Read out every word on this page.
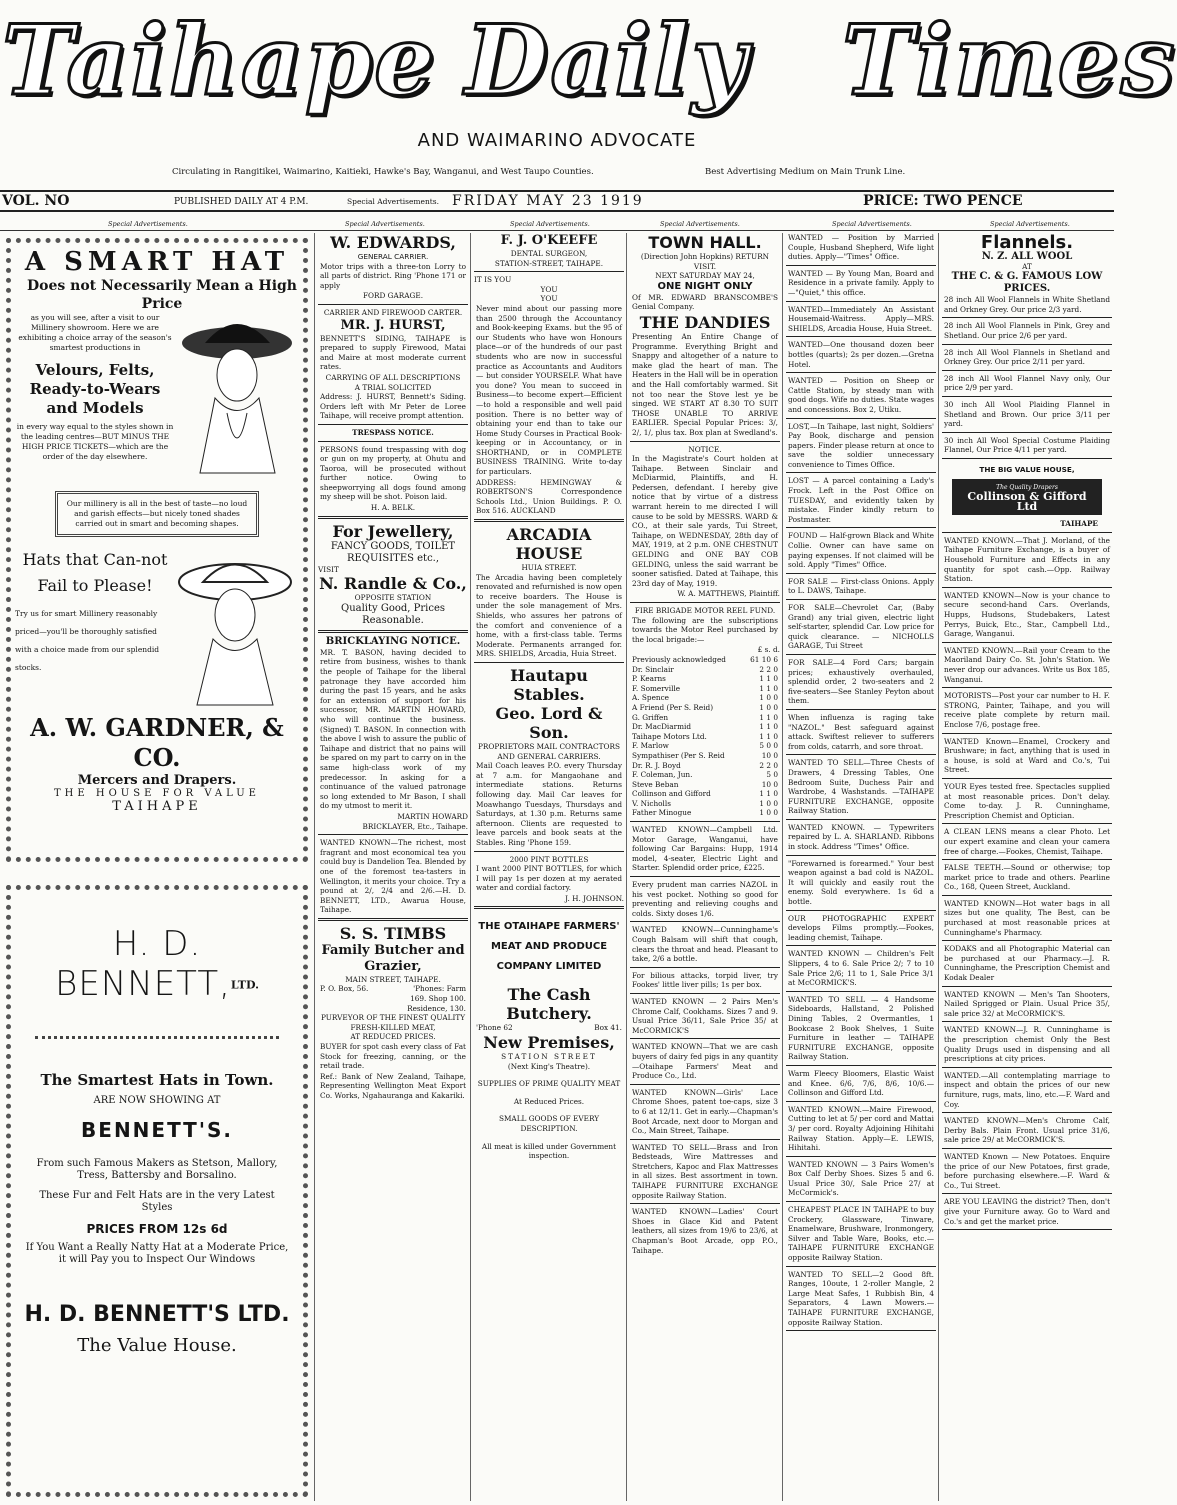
Taihape Daily Times
AND WAIMARINO ADVOCATE
Circulating in Rangitikei, Waimarino, Kaitieki, Hawke's Bay, Wanganui, and West Taupo Counties.	Best Advertising Medium on Main Trunk Line.
VOL. NO	PUBLISHED DAILY AT 4 P.M.	Special Advertisements. FRIDAY MAY 23 1919	PRICE: TWO PENCE
Special Advertisements.	Special Advertisements.	Special Advertisements.	Special Advertisements.	Special Advertisements.	Special Advertisements.
A SMART HAT
Does not Necessarily Mean a High Price
as you will see, after a visit to our Millinery showroom. Here we are exhibiting a choice array of the season's smartest productions in
Velours, Felts, Ready-to-Wears and Models
in every way equal to the styles shown in the leading centres—BUT MINUS THE HIGH PRICE TICKETS—which are the order of the day elsewhere.
Our millinery is all in the best of taste—no loud and garish effects—but nicely toned shades carried out in smart and becoming shapes.
Hats that Can-not Fail to Please!
Try us for smart Millinery reasonably priced—you'll be thoroughly satisfied with a choice made from our splendid stocks.
A. W. GARDNER, & CO.
Mercers and Drapers.
THE HOUSE FOR VALUE
TAIHAPE
H. D. BENNETT,$^{LTD.}$
The Smartest Hats in Town.
ARE NOW SHOWING AT
BENNETT'S.
From such Famous Makers as Stetson, Mallory, Tress, Battersby and Borsalino.
These Fur and Felt Hats are in the very Latest Styles
PRICES FROM 12s 6d
If You Want a Really Natty Hat at a Moderate Price, it will Pay you to Inspect Our Windows
H. D. BENNETT'S LTD.
The Value House.
W. EDWARDS,
GENERAL CARRIER.

Motor trips with a three-ton Lorry to all parts of district. Ring 'Phone 171 or apply

FORD GARAGE.
CARRIER AND FIREWOOD CARTER.
MR. J. HURST,

BENNETT'S SIDING, TAIHAPE is prepared to supply Firewood, Matai and Maire at most moderate current rates.

CARRYING OF ALL DESCRIPTIONS
A TRIAL SOLICITED

Address: J. HURST, Bennett's Siding. Orders left with Mr Peter de Loree Taihape, will receive prompt attention.

TRESPASS NOTICE.

PERSONS found trespassing with dog or gun on my property, at Ohutu and Taoroa, will be prosecuted without further notice. Owing to sheepworrying all dogs found among my sheep will be shot. Poison laid.

H. A. BELK.
For Jewellery,
FANCY GOODS, TOILET REQUISITES etc.,
VISIT
N. Randle & Co.,
OPPOSITE STATION
Quality Good, Prices Reasonable.
BRICKLAYING NOTICE.

MR. T. BASON, having decided to retire from business, wishes to thank the people of Taihape for the liberal patronage they have accorded him during the past 15 years, and he asks for an extension of support for his successor, MR. MARTIN HOWARD, who will continue the business. (Signed) T. BASON. In connection with the above I wish to assure the public of Taihape and district that no pains will be spared on my part to carry on in the same high-class work of my predecessor. In asking for a continuance of the valued patronage so long extended to Mr Bason, I shall do my utmost to merit it.

MARTIN HOWARD
BRICKLAYER, Etc., Taihape.

WANTED KNOWN—The richest, most fragrant and most economical tea you could buy is Dandelion Tea. Blended by one of the foremost tea-tasters in Wellington, it merits your choice. Try a pound at 2/, 2/4 and 2/6.—H. D. BENNETT, LTD., Awarua House, Taihape.

S. S. TIMBS
Family Butcher and Grazier,
MAIN STREET, TAIHAPE.
P. O. Box, 56.	'Phones: Farm 169. Shop 100. Residence, 130.
PURVEYOR OF THE FINEST QUALITY FRESH-KILLED MEAT,
AT REDUCED PRICES.

BUYER for spot cash every class of Fat Stock for freezing, canning, or the retail trade.

Ref.: Bank of New Zealand, Taihape, Representing Wellington Meat Export Co. Works, Ngahauranga and Kakariki.

F. J. O'KEEFE
DENTAL SURGEON,
STATION-STREET, TAIHAPE.
IT IS YOU
YOU
YOU

Never mind about our passing more than 2500 through the Accountancy and Book-keeping Exams. but the 95 of our Students who have won Honours place—or of the hundreds of our past students who are now in successful practice as Accountants and Auditors — but consider YOURSELF. What have you done? You mean to succeed in Business—to become expert—Efficient—to hold a responsible and well paid position. There is no better way of obtaining your end than to take our Home Study Courses in Practical Book-keeping or in Accountancy, or in SHORTHAND, or in COMPLETE BUSINESS TRAINING. Write to-day for particulars.

ADDRESS: HEMINGWAY & ROBERTSON'S Correspondence Schools Ltd., Union Buildings. P. O. Box 516. AUCKLAND

ARCADIA HOUSE
HUIA STREET.

The Arcadia having been completely renovated and refurnished is now open to receive boarders. The House is under the sole management of Mrs. Shields, who assures her patrons of the comfort and convenience of a home, with a first-class table. Terms Moderate. Permanents arranged for. MRS. SHIELDS, Arcadia, Huia Street.

Hautapu Stables.
Geo. Lord & Son.
PROPRIETORS MAIL CONTRACTORS AND GENERAL CARRIERS.

Mail Coach leaves P.O. every Thursday at 7 a.m. for Mangaohane and intermediate stations. Returns following day. Mail Car leaves for Moawhango Tuesdays, Thursdays and Saturdays, at 1.30 p.m. Returns same afternoon. Clients are requested to leave parcels and book seats at the Stables. Ring 'Phone 159.

2000 PINT BOTTLES

I want 2000 PINT BOTTLES, for which I will pay 1s per dozen at my aerated water and cordial factory.

J. H. JOHNSON.
THE OTAIHAPE FARMERS' MEAT AND PRODUCE COMPANY LIMITED
The Cash Butchery.
'Phone 62	Box 41.
New Premises,
STATION STREET
(Next King's Theatre).
SUPPLIES OF PRIME QUALITY MEAT
At Reduced Prices.
SMALL GOODS OF EVERY DESCRIPTION.
All meat is killed under Government inspection.
TOWN HALL.
(Direction John Hopkins) RETURN VISIT.
NEXT SATURDAY MAY 24,
ONE NIGHT ONLY

Of MR. EDWARD BRANSCOMBE'S Genial Company.

THE DANDIES

Presenting An Entire Change of Programme. Everything Bright and Snappy and altogether of a nature to make glad the heart of man. The Heaters in the Hall will be in operation and the Hall comfortably warmed. Sit not too near the Stove lest ye be singed. WE START AT 8.30 TO SUIT THOSE UNABLE TO ARRIVE EARLIER. Special Popular Prices: 3/, 2/, 1/, plus tax. Box plan at Swedland's.

NOTICE.

In the Magistrate's Court holden at Taihape. Between Sinclair and McDiarmid, Plaintiffs, and H. Pedersen, defendant. I hereby give notice that by virtue of a distress warrant herein to me directed I will cause to be sold by MESSRS. WARD & CO., at their sale yards, Tui Street, Taihape, on WEDNESDAY, 28th day of MAY, 1919, at 2 p.m. ONE CHESTNUT GELDING and ONE BAY COB GELDING, unless the said warrant be sooner satisfied. Dated at Taihape, this 23rd day of May, 1919.

W. A. MATTHEWS, Plaintiff.
FIRE BRIGADE MOTOR REEL FUND.

The following are the subscriptions towards the Motor Reel purchased by the local brigade:—

£ s. d.
Previously acknowledged	61 10 6
Dr. Sinclair	2 2 0
P. Kearns	1 1 0
F. Somerville	1 1 0
A. Spence	1 0 0
A Friend (Per S. Reid)	1 0 0
G. Griffen	1 1 0
Dr. MacDiarmid	1 1 0
Taihape Motors Ltd.	1 1 0
F. Marlow	5 0 0
Sympathiser (Per S. Reid	10 0
Dr. R. J. Boyd	2 2 0
F. Coleman, Jun.	5 0
Steve Beban	10 0
Collinson and Gifford	1 1 0
V. Nicholls	1 0 0
Father Minogue	1 0 0

WANTED KNOWN—Campbell Ltd. Motor Garage, Wanganui, have following Car Bargains: Hupp, 1914 model, 4-seater, Electric Light and Starter. Splendid order price, £225.

Every prudent man carries NAZOL in his vest pocket. Nothing so good for preventing and relieving coughs and colds. Sixty doses 1/6.

WANTED KNOWN—Cunninghame's Cough Balsam will shift that cough, clears the throat and head. Pleasant to take, 2/6 a bottle.

For bilious attacks, torpid liver, try Fookes' little liver pills; 1s per box.

WANTED KNOWN — 2 Pairs Men's Chrome Calf, Cookhams. Sizes 7 and 9. Usual Price 36/11, Sale Price 35/ at McCORMICK'S

WANTED KNOWN—That we are cash buyers of dairy fed pigs in any quantity—Otaihape Farmers' Meat and Produce Co., Ltd.

WANTED KNOWN—Girls' Lace Chrome Shoes, patent toe-caps, size 3 to 6 at 12/11. Get in early.—Chapman's Boot Arcade, next door to Morgan and Co., Main Street, Taihape.

WANTED TO SELL—Brass and Iron Bedsteads, Wire Mattresses and Stretchers, Kapoc and Flax Mattresses in all sizes. Best assortment in town. TAIHAPE FURNITURE EXCHANGE opposite Railway Station.

WANTED KNOWN—Ladies' Court Shoes in Glace Kid and Patent leathers, all sizes from 19/6 to 23/6, at Chapman's Boot Arcade, opp P.O., Taihape.

WANTED — Position by Married Couple, Husband Shepherd, Wife light duties. Apply—"Times" Office.

WANTED — By Young Man, Board and Residence in a private family. Apply to—"Quiet," this office.

WANTED—Immediately An Assistant Housemaid-Waitress. Apply—MRS. SHIELDS, Arcadia House, Huia Street.

WANTED—One thousand dozen beer bottles (quarts); 2s per dozen.—Gretna Hotel.

WANTED — Position on Sheep or Cattle Station, by steady man with good dogs. Wife no duties. State wages and concessions. Box 2, Utiku.

LOST,—In Taihape, last night, Soldiers' Pay Book, discharge and pension papers. Finder please return at once to save the soldier unnecessary convenience to Times Office.

LOST — A parcel containing a Lady's Frock. Left in the Post Office on TUESDAY, and evidently taken by mistake. Finder kindly return to Postmaster.

FOUND — Half-grown Black and White Collie. Owner can have same on paying expenses. If not claimed will be sold. Apply "Times" Office.

FOR SALE — First-class Onions. Apply to L. DAWS, Taihape.

FOR SALE—Chevrolet Car, (Baby Grand) any trial given, electric light self-starter, splendid Car. Low price for quick clearance. — NICHOLLS GARAGE, Tui Street

FOR SALE—4 Ford Cars; bargain prices; exhaustively overhauled, splendid order, 2 two-seaters and 2 five-seaters—See Stanley Peyton about them.

When influenza is raging take "NAZOL." Best safeguard against attack. Swiftest reliever to sufferers from colds, catarrh, and sore throat.

WANTED TO SELL—Three Chests of Drawers, 4 Dressing Tables, One Bedroom Suite, Duchess Pair and Wardrobe, 4 Washstands. —TAIHAPE FURNITURE EXCHANGE, opposite Railway Station.

WANTED KNOWN. — Typewriters repaired by L. A. SHARLAND. Ribbons in stock. Address "Times" Office.

"Forewarned is forearmed." Your best weapon against a bad cold is NAZOL. It will quickly and easily rout the enemy. Sold everywhere. 1s 6d a bottle.

OUR PHOTOGRAPHIC EXPERT develops Films promptly.—Fookes, leading chemist, Taihape.

WANTED KNOWN — Children's Felt Slippers, 4 to 6. Sale Price 2/; 7 to 10 Sale Price 2/6; 11 to 1, Sale Price 3/1 at McCORMICK'S.

WANTED TO SELL — 4 Handsome Sideboards, Hallstand, 2 Polished Dining Tables, 2 Overmantles, 1 Bookcase 2 Book Shelves, 1 Suite Furniture in leather — TAIHAPE FURNITURE EXCHANGE, opposite Railway Station.

Warm Fleecy Bloomers, Elastic Waist and Knee. 6/6, 7/6, 8/6, 10/6.—Collinson and Gifford Ltd.

WANTED KNOWN.—Maire Firewood, Cutting to let at 5/ per cord and Mattai 3/ per cord. Royalty Adjoining Hihitahi Railway Station. Apply—E. LEWIS, Hihitahi.

WANTED KNOWN — 3 Pairs Women's Box Calf Derby Shoes. Sizes 5 and 6. Usual Price 30/, Sale Price 27/ at McCormick's.

CHEAPEST PLACE IN TAIHAPE to buy Crockery, Glassware, Tinware, Enamelware, Brushware, Ironmongery, Silver and Table Ware, Books, etc.—TAIHAPE FURNITURE EXCHANGE opposite Railway Station.

WANTED TO SELL—2 Good 8ft. Ranges, 10oute, 1 2-roller Mangle, 2 Large Meat Safes, 1 Rubbish Bin, 4 Separators, 4 Lawn Mowers.—TAIHAPE FURNITURE EXCHANGE, opposite Railway Station.

Flannels.
N. Z. ALL WOOL
AT
THE C. & G. FAMOUS LOW PRICES.

28 inch All Wool Flannels in White Shetland and Orkney Grey. Our price 2/3 yard.

28 inch All Wool Flannels in Pink, Grey and Shetland. Our price 2/6 per yard.

28 inch All Wool Flannels in Shetland and Orkney Grey. Our price 2/11 per yard.

28 inch All Wool Flannel Navy only, Our price 2/9 per yard.

30 inch All Wool Plaiding Flannel in Shetland and Brown. Our price 3/11 per yard.

30 inch All Wool Special Costume Plaiding Flannel, Our Price 4/11 per yard.

THE BIG VALUE HOUSE,
The Quality Drapers
Collinson & Gifford Ltd
TAIHAPE

WANTED KNOWN.—That J. Morland, of the Taihape Furniture Exchange, is a buyer of Household Furniture and Effects in any quantity for spot cash.—Opp. Railway Station.

WANTED KNOWN—Now is your chance to secure second-hand Cars. Overlands, Hupps, Hudsons, Studebakers, Latest Perrys, Buick, Etc., Star., Campbell Ltd., Garage, Wanganui.

WANTED KNOWN.—Rail your Cream to the Maoriland Dairy Co. St. John's Station. We never drop our advances. Write us Box 185, Wanganui.

MOTORISTS—Post your car number to H. F. STRONG, Painter, Taihape, and you will receive plate complete by return mail. Enclose 7/6, postage free.

WANTED Known—Enamel, Crockery and Brushware; in fact, anything that is used in a house, is sold at Ward and Co.'s, Tui Street.

YOUR Eyes tested free. Spectacles supplied at most reasonable prices. Don't delay. Come to-day. J. R. Cunninghame, Prescription Chemist and Optician.

A CLEAN LENS means a clear Photo. Let our expert examine and clean your camera free of charge.—Fookes, Chemist, Taihape.

FALSE TEETH.—Sound or otherwise; top market price to trade and others. Pearline Co., 168, Queen Street, Auckland.

WANTED KNOWN—Hot water bags in all sizes but one quality, The Best, can be purchased at most reasonable prices at Cunninghame's Pharmacy.

KODAKS and all Photographic Material can be purchased at our Pharmacy.—J. R. Cunninghame, the Prescription Chemist and Kodak Dealer

WANTED KNOWN — Men's Tan Shooters, Nailed Sprigged or Plain. Usual Price 35/, sale price 32/ at McCORMICK'S.

WANTED KNOWN—J. R. Cunninghame is the prescription chemist Only the Best Quality Drugs used in dispensing and all prescriptions at city prices.

WANTED.—All contemplating marriage to inspect and obtain the prices of our new furniture, rugs, mats, lino, etc.—F. Ward and Coy.

WANTED KNOWN—Men's Chrome Calf, Derby Bals. Plain Front. Usual price 31/6, sale price 29/ at McCORMICK'S.

WANTED Known — New Potatoes. Enquire the price of our New Potatoes, first grade, before purchasing elsewhere.—F. Ward & Co., Tui Street.

ARE YOU LEAVING the district? Then, don't give your Furniture away. Go to Ward and Co.'s and get the market price.
